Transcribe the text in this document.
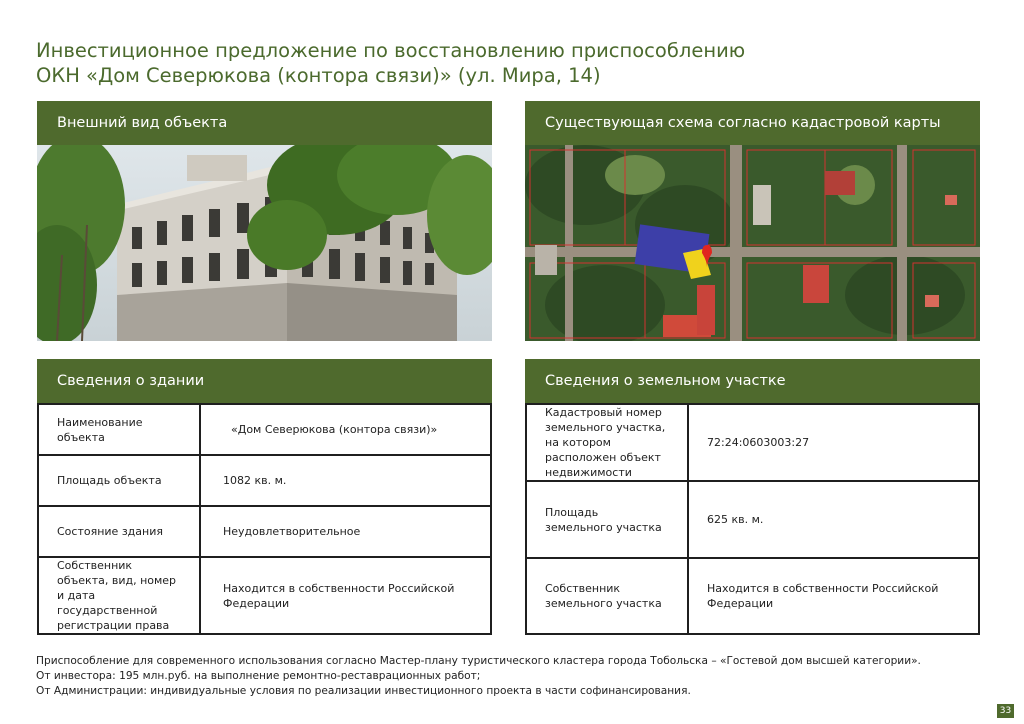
Инвестиционное предложение по восстановлению приспособлению
ОКН «Дом Северюкова (контора связи)» (ул. Мира, 14)
Внешний вид объекта	Существующая схема согласно кадастровой карты
Сведения о здании
Наименование объекта	«Дом Северюкова (контора связи)»
Площадь объекта	1082 кв. м.
Состояние здания	Неудовлетворительное
Собственник объекта, вид, номер и дата государственной регистрации права	Находится в собственности Российской Федерации
Сведения о земельном участке
Кадастровый номер земельного участка, на котором расположен объект недвижимости	72:24:0603003:27
Площадь земельного участка	625 кв. м.
Собственник земельного участка	Находится в собственности Российской Федерации
Приспособление для современного использования согласно Мастер-плану туристического кластера города Тобольска – «Гостевой дом высшей категории».
От инвестора: 195 млн.руб. на выполнение ремонтно-реставрационных работ;
От Администрации: индивидуальные условия по реализации инвестиционного проекта в части софинансирования.
33
